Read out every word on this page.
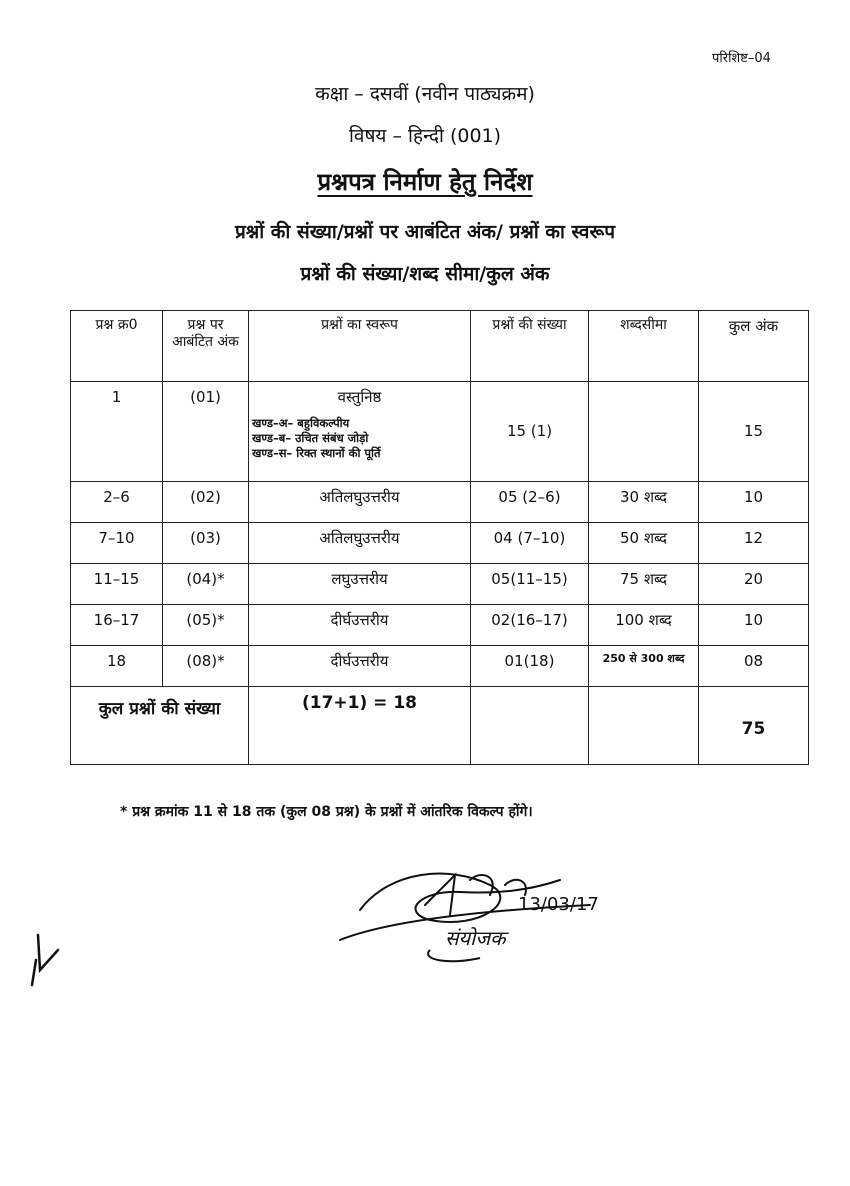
परिशिष्ट–04
कक्षा – दसवीं (नवीन पाठ्यक्रम)
विषय – हिन्दी (001)
प्रश्नपत्र निर्माण हेतु निर्देश
प्रश्नों की संख्या/प्रश्नों पर आबंटित अंक/ प्रश्नों का स्वरूप
प्रश्नों की संख्या/शब्द सीमा/कुल अंक
प्रश्न क्र0	प्रश्न पर आबंटित अंक	प्रश्नों का स्वरूप	प्रश्नों की संख्या	शब्दसीमा	कुल अंक
1	(01)	वस्तुनिष्ठ
खण्ड–अ– बहुविकल्पीय
खण्ड–ब– उचित संबंध जोड़ो
खण्ड–स– रिक्त स्थानों की पूर्ति	15 (1)		15

2–6	(02)	अतिलघुउत्तरीय	05 (2–6)	30 शब्द	10
7–10	(03)	अतिलघुउत्तरीय	04 (7–10)	50 शब्द	12
11–15	(04)*	लघुउत्तरीय	05(11–15)	75 शब्द	20
16–17	(05)*	दीर्घउत्तरीय	02(16–17)	100 शब्द	10
18	(08)*	दीर्घउत्तरीय	01(18)	250 से 300 शब्द	08
कुल प्रश्नों की संख्या		(17+1) = 18			75
* प्रश्न क्रमांक 11 से 18 तक (कुल 08 प्रश्न) के प्रश्नों में आंतरिक विकल्प होंगे।
13/03/17
संयोजक
